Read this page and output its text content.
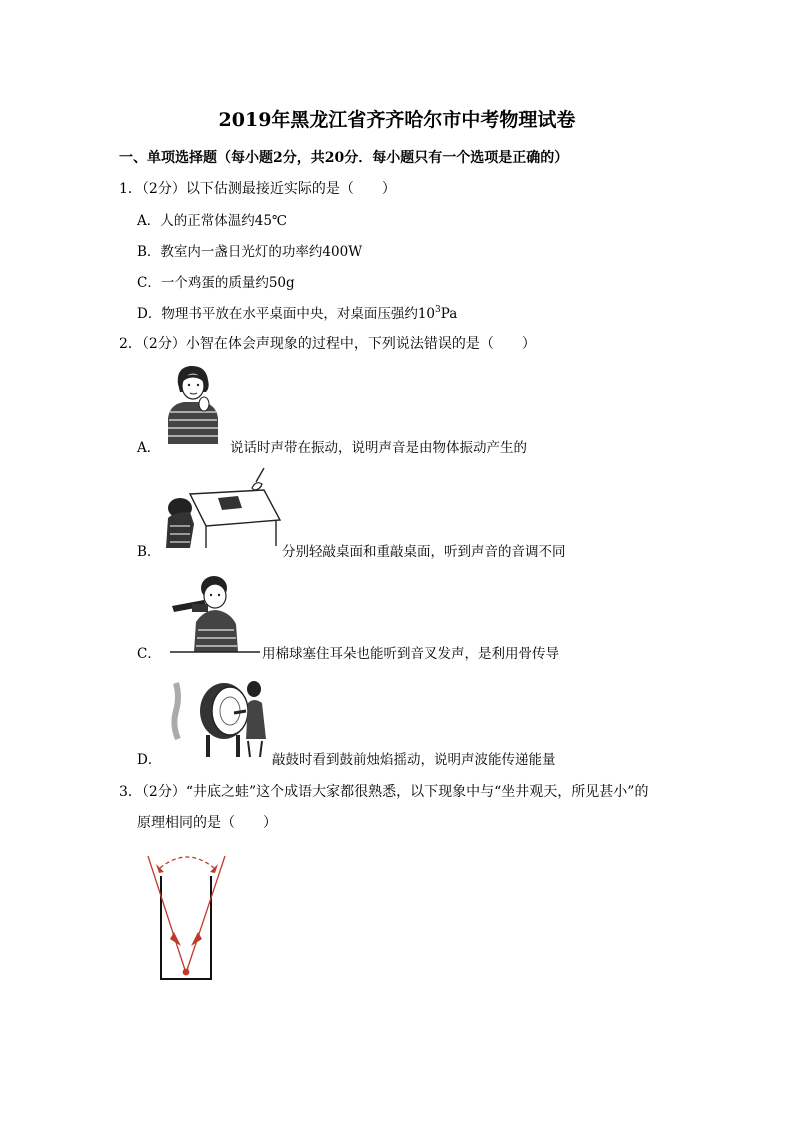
2019年黑龙江省齐齐哈尔市中考物理试卷
一、单项选择题（每小题2分，共20分．每小题只有一个选项是正确的）
1．（2分）以下估测最接近实际的是（　　）
A．人的正常体温约45℃
B．教室内一盏日光灯的功率约400W
C．一个鸡蛋的质量约50g
D．物理书平放在水平桌面中央，对桌面压强约$10^3Pa$
2．（2分）小智在体会声现象的过程中，下列说法错误的是（　　）
A．	说话时声带在振动，说明声音是由物体振动产生的
B．	分别轻敲桌面和重敲桌面，听到声音的音调不同
C．	用棉球塞住耳朵也能听到音叉发声，是利用骨传导
D．	敲鼓时看到鼓前烛焰摇动，说明声波能传递能量
3．（2分）“井底之蛙”这个成语大家都很熟悉，以下现象中与“坐井观天，所见甚小”的
原理相同的是（　　）
